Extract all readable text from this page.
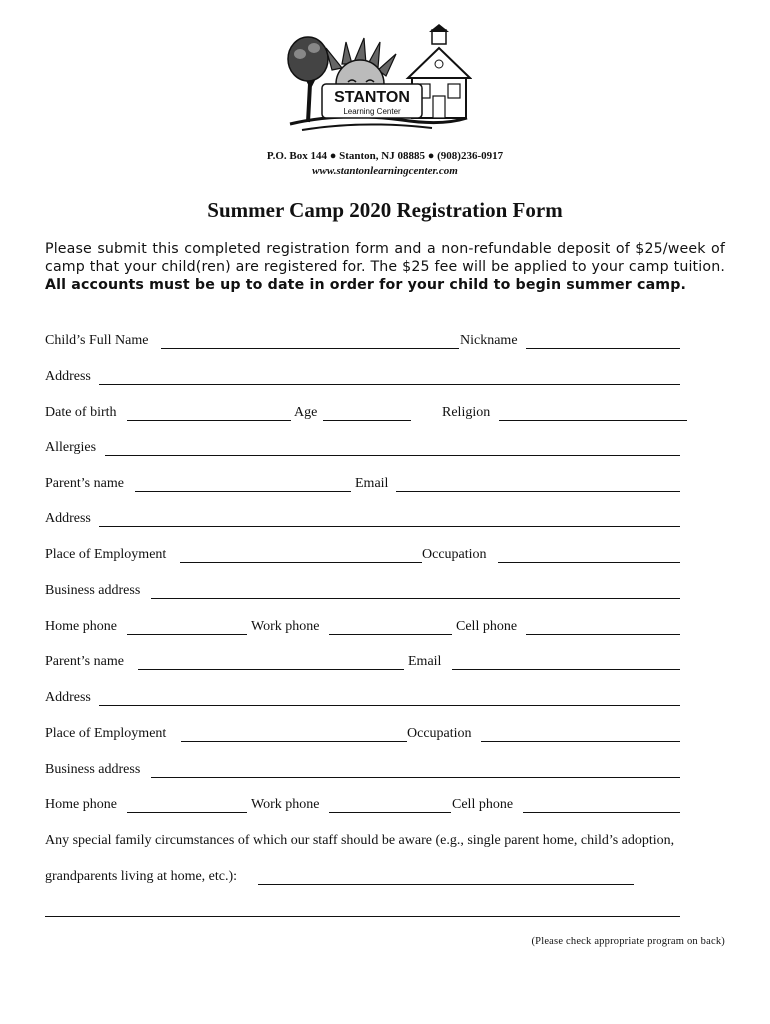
STANTON
Learning Center
P.O. Box 144 ● Stanton, NJ 08885 ● (908)236-0917
www.stantonlearningcenter.com
Summer Camp 2020 Registration Form
Please submit this completed registration form and a non-refundable deposit of $25/week of camp that your child(ren) are registered for. The $25 fee will be applied to your camp tuition. All accounts must be up to date in order for your child to begin summer camp.
Child’s Full Name	Nickname
Address
Date of birth	Age	Religion
Allergies
Parent’s name	Email
Address
Place of Employment	Occupation
Business address
Home phone	Work phone	Cell phone
Parent’s name	Email
Address
Place of Employment	Occupation
Business address
Home phone	Work phone	Cell phone
Any special family circumstances of which our staff should be aware (e.g., single parent home, child’s adoption,
grandparents living at home, etc.):
(Please check appropriate program on back)
